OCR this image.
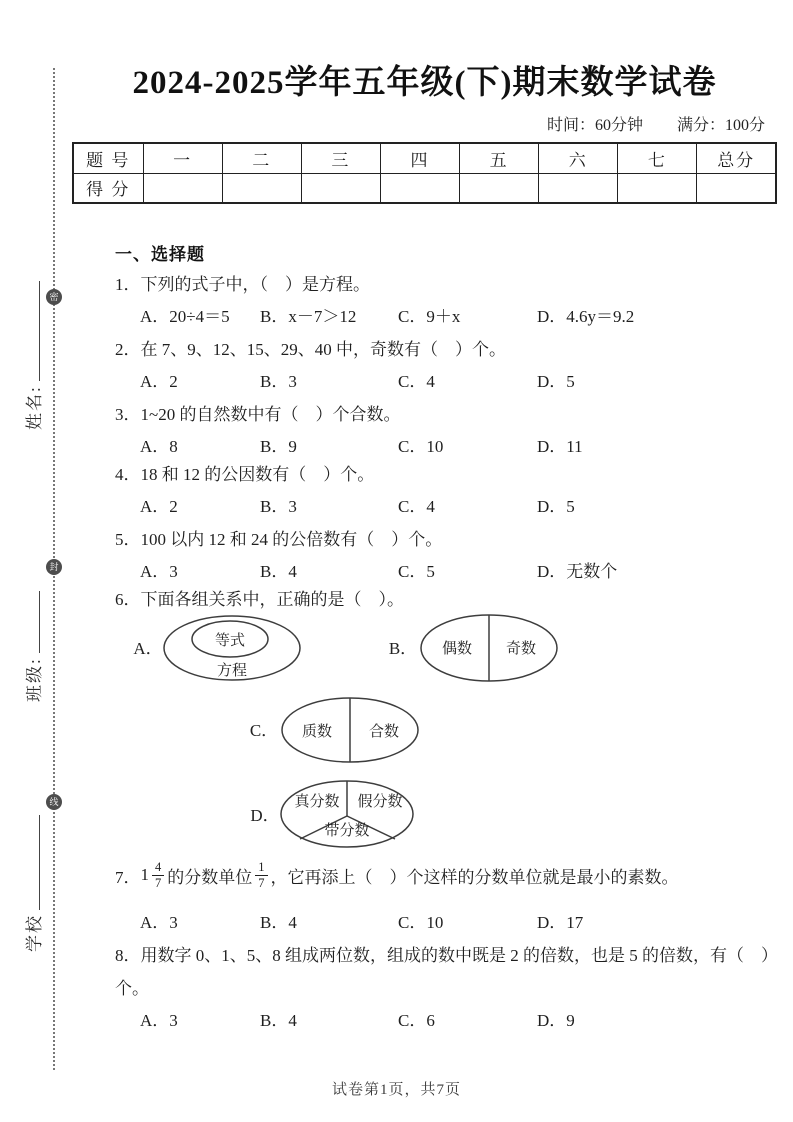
密
封
线
姓名:
班级:
学校
2024-2025学年五年级(下)期末数学试卷
时间：60分钟 满分：100分
题 号	一	二	三	四	五	六	七	总分
得 分								
一、选择题
1．下列的式子中，（　）是方程。
A．20÷4＝5 B．x－7＞12 C．9＋x	D．4.6y＝9.2
2．在 7、9、12、15、29、40 中，奇数有（　）个。
A．2	B．3	C．4	D．5
3．1~20 的自然数中有（　）个合数。
A．8	B．9	C．10	D．11
4．18 和 12 的公因数有（　）个。
A．2	B．3	C．4	D．5
5．100 以内 12 和 24 的公倍数有（　）个。
A．3	B．4	C．5	D．无数个
6．下面各组关系中，正确的是（　）。
A．	等式
方程
B． 偶数 奇数
C． 质数 合数
D．
真分数 假分数
带分数
7． $1 \frac{4}{7}$ 的分数单位 $\frac{1}{7}$ ，它再添上（　）个这样的分数单位就是最小的素数。
A．3	B．4	C．10	D．17
8．用数字 0、1、5、8 组成两位数，组成的数中既是 2 的倍数，也是 5 的倍数，有（　）
个。
A．3	B．4	C．6	D．9
试卷第1页，共7页
